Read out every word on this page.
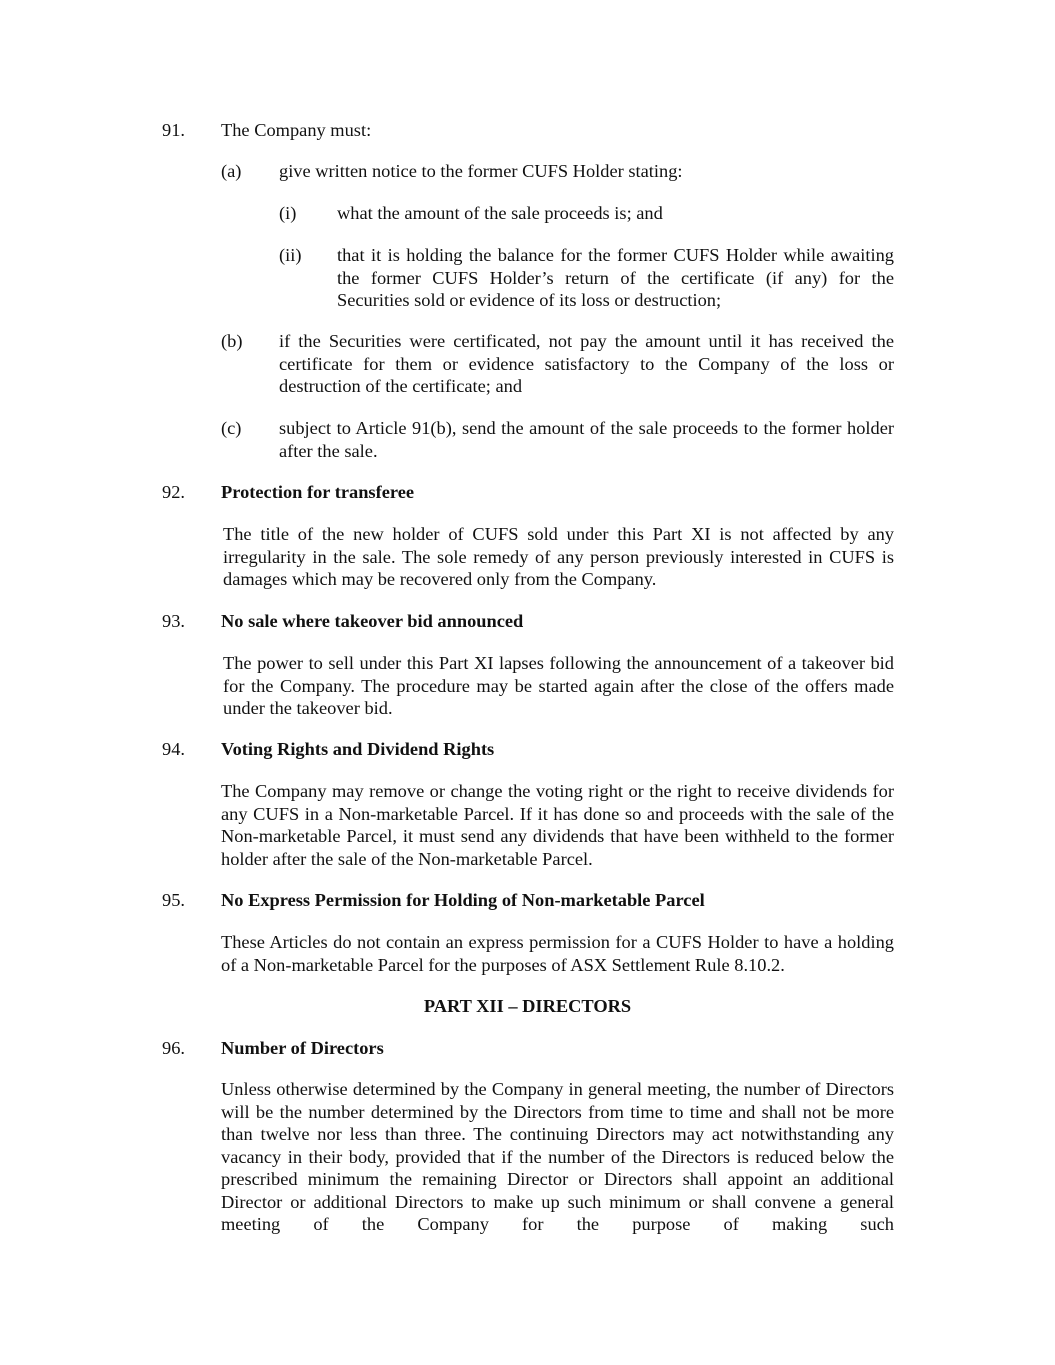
91. The Company must:
(a) give written notice to the former CUFS Holder stating:
(i) what the amount of the sale proceeds is; and
(ii) that it is holding the balance for the former CUFS Holder while awaiting the former CUFS Holder’s return of the certificate (if any) for the Securities sold or evidence of its loss or destruction;
(b) if the Securities were certificated, not pay the amount until it has received the certificate for them or evidence satisfactory to the Company of the loss or destruction of the certificate; and
(c) subject to Article 91(b), send the amount of the sale proceeds to the former holder after the sale.
92. Protection for transferee
The title of the new holder of CUFS sold under this Part XI is not affected by any irregularity in the sale. The sole remedy of any person previously interested in CUFS is damages which may be recovered only from the Company.
93. No sale where takeover bid announced
The power to sell under this Part XI lapses following the announcement of a takeover bid for the Company. The procedure may be started again after the close of the offers made under the takeover bid.
94. Voting Rights and Dividend Rights
The Company may remove or change the voting right or the right to receive dividends for any CUFS in a Non-marketable Parcel. If it has done so and proceeds with the sale of the Non-marketable Parcel, it must send any dividends that have been withheld to the former holder after the sale of the Non-marketable Parcel.
95. No Express Permission for Holding of Non-marketable Parcel
These Articles do not contain an express permission for a CUFS Holder to have a holding of a Non-marketable Parcel for the purposes of ASX Settlement Rule 8.10.2.
PART XII – DIRECTORS
96. Number of Directors
Unless otherwise determined by the Company in general meeting, the number of Directors will be the number determined by the Directors from time to time and shall not be more than twelve nor less than three. The continuing Directors may act notwithstanding any vacancy in their body, provided that if the number of the Directors is reduced below the prescribed minimum the remaining Director or Directors shall appoint an additional Director or additional Directors to make up such minimum or shall convene a general meeting of the Company for the purpose of making such
